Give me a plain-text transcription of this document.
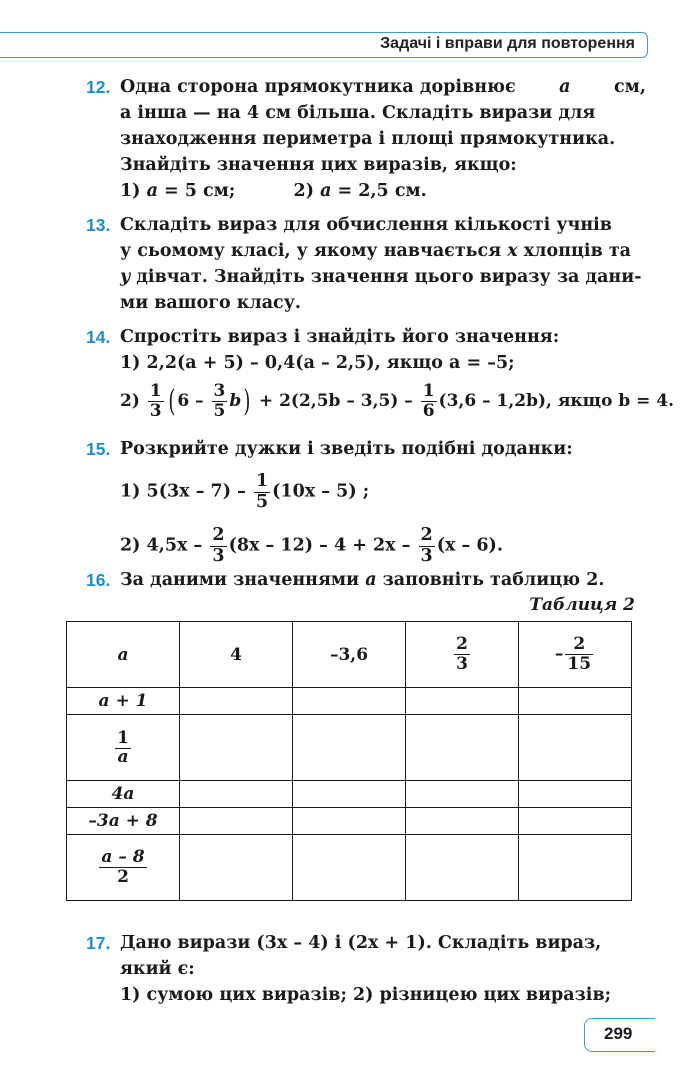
Задачі і вправи для повторення
12. Одна сторона прямокутника дорівнює a см,
а інша — на 4 см більша. Складіть вирази для
знаходження периметра і площі прямокутника.
Знайдіть значення цих виразів, якщо:
1) a = 5 см;	2) a = 2,5 см.
13. Складіть вираз для обчислення кількості учнів
у сьомому класі, у якому навчається x хлопців та
y дівчат. Знайдіть значення цього виразу за дани-
ми вашого класу.
14. Спростіть вираз і знайдіть його значення:
1) 2,2(a + 5) – 0,4(a – 2,5), якщо a = –5;
$2) \frac{1}{3}$ ( $6 - \frac{3}{5} b) + 2(2,5b - 3,5) - \frac{1}{6} (3,6 - 1,2b)$, якщо b = 4.
15. Розкрийте дужки і зведіть подібні доданки:
1) $5(3x - 7) - \frac{1}{5} (10x - 5)$ ;
2) $4,5x - \frac{2}{3} (8x - 12) - 4 + 2x - \frac{2}{3} (x - 6)$.
16. За даними значеннями a заповніть таблицю 2.
Таблиця 2
a	4	–3,6	$\frac{2}{3}$	– $\frac{2}{15}$

a + 1				

$\frac{1}{a}$				
4a				
–3a + 8				

$\frac{a - 8}{2}$

17. Дано вирази (3x – 4) і (2x + 1). Складіть вираз,
який є:
1) сумою цих виразів; 2) різницею цих виразів;
299
